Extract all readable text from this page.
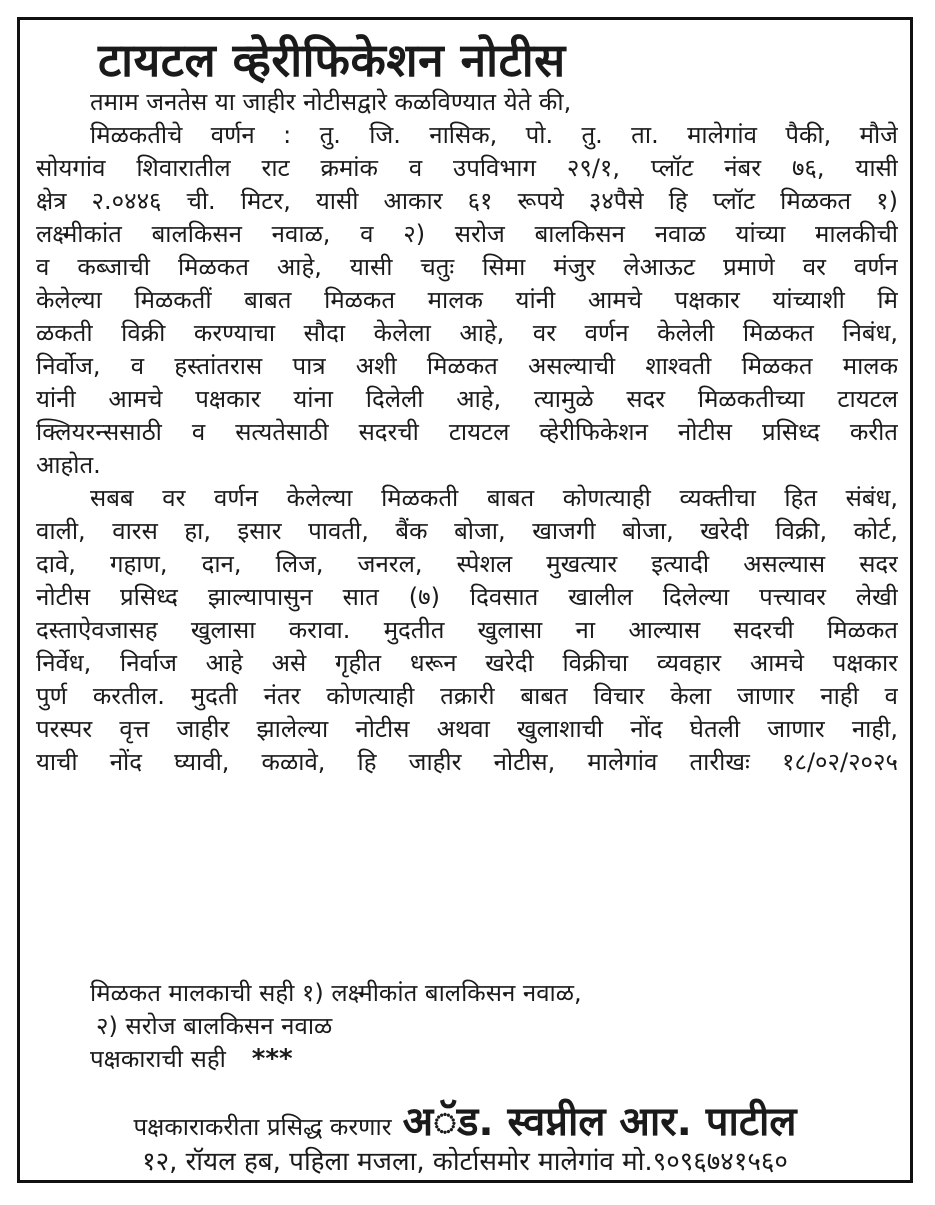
टायटल व्हेरीफिकेशन नोटीस
तमाम जनतेस या जाहीर नोटीसद्वारे कळविण्यात येते की,
मिळकतीचे वर्णन : तु. जि. नासिक, पो. तु. ता. मालेगांव पैकी, मौजे
सोयगांव शिवारातील राट क्रमांक व उपविभाग २९/१, प्लॉट नंबर ७६, यासी
क्षेत्र २.०४४६ ची. मिटर, यासी आकार ६१ रूपये ३४पैसे हि प्लॉट मिळकत १)
लक्ष्मीकांत बालकिसन नवाळ, व २) सरोज बालकिसन नवाळ यांच्या मालकीची
व कब्जाची मिळकत आहे, यासी चतुः सिमा मंजुर लेआऊट प्रमाणे वर वर्णन
केलेल्या मिळकतीं बाबत मिळकत मालक यांनी आमचे पक्षकार यांच्याशी मि
ळकती विक्री करण्याचा सौदा केलेला आहे, वर वर्णन केलेली मिळकत निबंध,
निर्वोज, व हस्तांतरास पात्र अशी मिळकत असल्याची शाश्वती मिळकत मालक
यांनी आमचे पक्षकार यांना दिलेली आहे, त्यामुळे सदर मिळकतीच्या टायटल
क्लियरन्ससाठी व सत्यतेसाठी सदरची टायटल व्हेरीफिकेशन नोटीस प्रसिध्द करीत
आहोत.
सबब वर वर्णन केलेल्या मिळकती बाबत कोणत्याही व्यक्तीचा हित संबंध,
वाली, वारस हा, इसार पावती, बैंक बोजा, खाजगी बोजा, खरेदी विक्री, कोर्ट,
दावे, गहाण, दान, लिज, जनरल, स्पेशल मुखत्यार इत्यादी असल्यास सदर
नोटीस प्रसिध्द झाल्यापासुन सात (७) दिवसात खालील दिलेल्या पत्त्यावर लेखी
दस्ताऐवजासह खुलासा करावा. मुदतीत खुलासा ना आल्यास सदरची मिळकत
निर्वेध, निर्वाज आहे असे गृहीत धरून खरेदी विक्रीचा व्यवहार आमचे पक्षकार
पुर्ण करतील. मुदती नंतर कोणत्याही तक्रारी बाबत विचार केला जाणार नाही व
परस्पर वृत्त जाहीर झालेल्या नोटीस अथवा खुलाशाची नोंद घेतली जाणार नाही,
याची नोंद घ्यावी, कळावे, हि जाहीर नोटीस, मालेगांव तारीखः १८/०२/२०२५
मिळकत मालकाची सही १) लक्ष्मीकांत बालकिसन नवाळ,
२) सरोज बालकिसन नवाळ
पक्षकाराची सही ***
पक्षकाराकरीता प्रसिद्ध करणार अॅड. स्वप्नील आर. पाटील
१२, रॉयल हब, पहिला मजला, कोर्टासमोर मालेगांव मो.९०९६७४१५६०
